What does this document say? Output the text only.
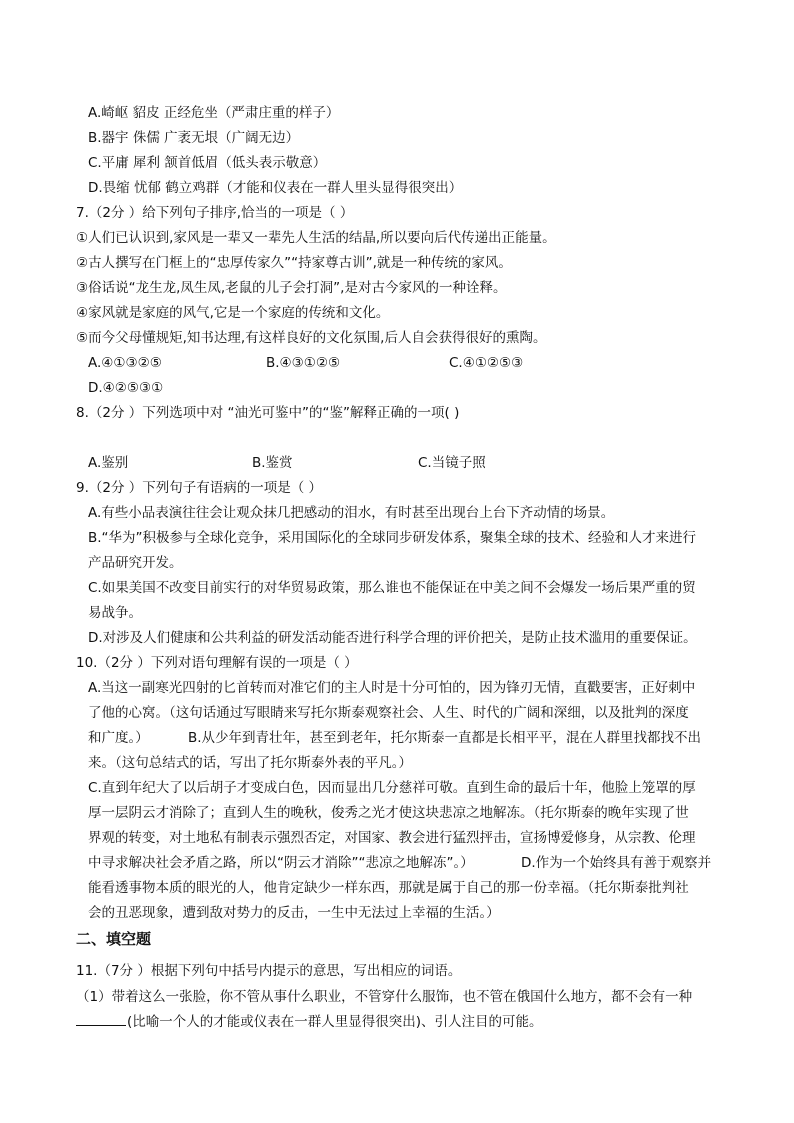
A.崎岖 貂皮 正经危坐（严肃庄重的样子）
B.器宇 侏儒 广袤无垠（广阔无边）
C.平庸 犀利 颔首低眉（低头表示敬意）
D.畏缩 忧郁 鹤立鸡群（才能和仪表在一群人里头显得很突出）
7.（2分 ）给下列句子排序,恰当的一项是（ ）
①人们已认识到,家风是一辈又一辈先人生活的结晶,所以要向后代传递出正能量。
②古人撰写在门框上的“忠厚传家久”“持家尊古训”,就是一种传统的家风。
③俗话说“龙生龙,凤生凤,老鼠的儿子会打洞”,是对古今家风的一种诠释。
④家风就是家庭的风气,它是一个家庭的传统和文化。
⑤而今父母懂规矩,知书达理,有这样良好的文化氛围,后人自会获得很好的熏陶。
A.④①③②⑤	B.④③①②⑤	C.④①②⑤③
D.④②⑤③①
8.（2分 ）下列选项中对 “油光可鉴中”的“鉴”解释正确的一项( )
A.鉴别	B.鉴赏	C.当镜子照
9.（2分 ）下列句子有语病的一项是（ ）
A.有些小品表演往往会让观众抹几把感动的泪水，有时甚至出现台上台下齐动情的场景。
B.“华为”积极参与全球化竞争，采用国际化的全球同步研发体系，聚集全球的技术、经验和人才来进行
产品研究开发。
C.如果美国不改变目前实行的对华贸易政策，那么谁也不能保证在中美之间不会爆发一场后果严重的贸
易战争。
D.对涉及人们健康和公共利益的研发活动能否进行科学合理的评价把关，是防止技术滥用的重要保证。
10.（2分 ）下列对语句理解有误的一项是（ ）
A.当这一副寒光四射的匕首转而对准它们的主人时是十分可怕的，因为锋刃无情，直戳要害，正好刺中
了他的心窝。（这句话通过写眼睛来写托尔斯泰观察社会、人生、时代的广阔和深细，以及批判的深度
和广度。）	B.从少年到青壮年，甚至到老年，托尔斯泰一直都是长相平平，混在人群里找都找不出
来。（这句总结式的话，写出了托尔斯泰外表的平凡。）
C.直到年纪大了以后胡子才变成白色，因而显出几分慈祥可敬。直到生命的最后十年，他脸上笼罩的厚
厚一层阴云才消除了；直到人生的晚秋，俊秀之光才使这块悲凉之地解冻。（托尔斯泰的晚年实现了世
界观的转变，对土地私有制表示强烈否定，对国家、教会进行猛烈抨击，宣扬博爱修身，从宗教、伦理
中寻求解决社会矛盾之路，所以“阴云才消除”“悲凉之地解冻”。）	D.作为一个始终具有善于观察并
能看透事物本质的眼光的人，他肯定缺少一样东西，那就是属于自己的那一份幸福。（托尔斯泰批判社
会的丑恶现象，遭到敌对势力的反击，一生中无法过上幸福的生活。）
二、填空题
11.（7分 ）根据下列句中括号内提示的意思，写出相应的词语。
（1）带着这么一张脸，你不管从事什么职业，不管穿什么服饰，也不管在俄国什么地方，都不会有一种
(比喻一个人的才能或仪表在一群人里显得很突出)、引人注目的可能。
